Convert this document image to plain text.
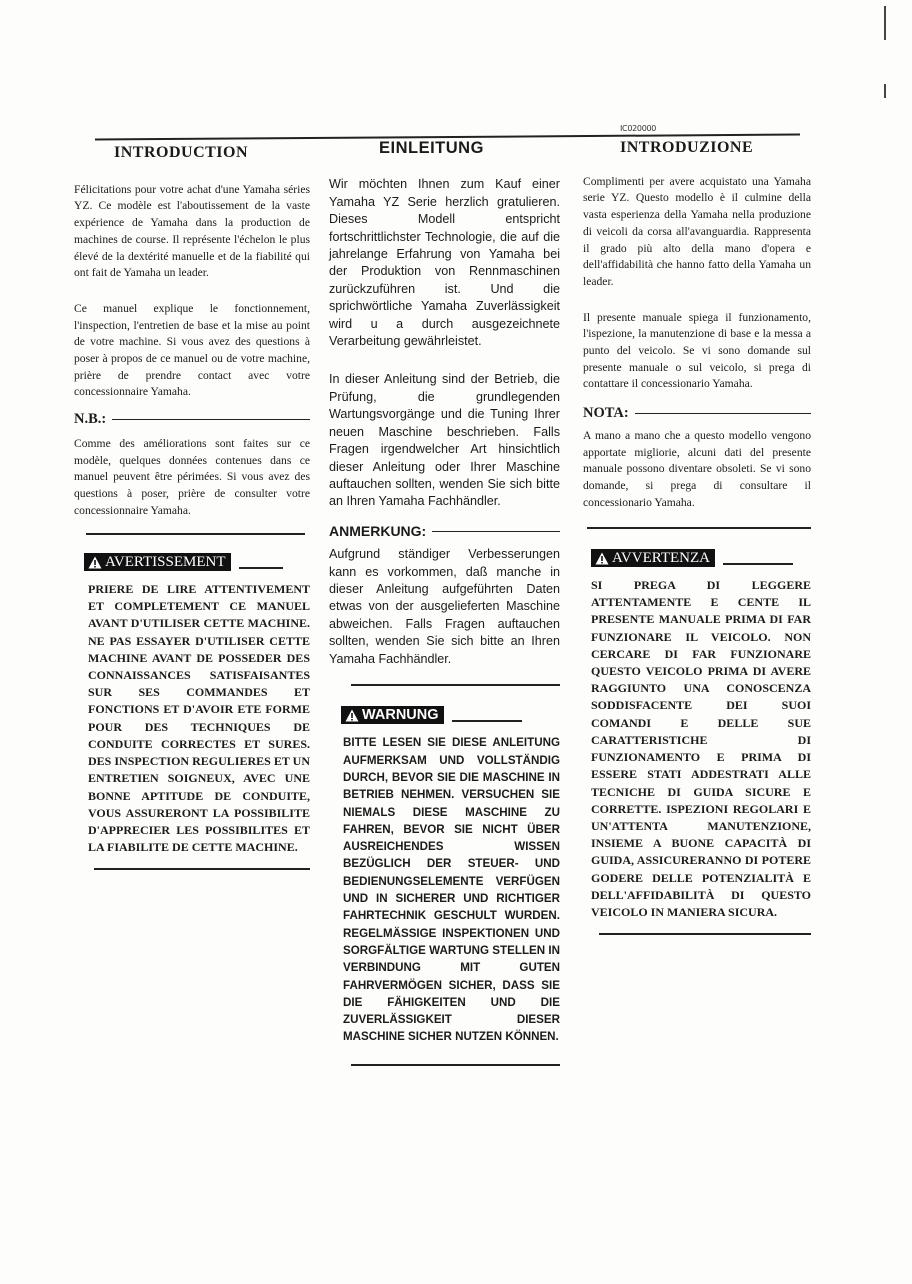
IC020000
INTRODUCTION

Félicitations pour votre achat d'une Yamaha séries YZ. Ce modèle est l'aboutissement de la vaste expérience de Yamaha dans la production de machines de course. Il représente l'échelon le plus élevé de la dextérité manuelle et de la fiabilité qui ont fait de Yamaha un leader.

Ce manuel explique le fonctionnement, l'inspection, l'entretien de base et la mise au point de votre machine. Si vous avez des questions à poser à propos de ce manuel ou de votre machine, prière de prendre contact avec votre concessionnaire Yamaha.

N.B.:

Comme des améliorations sont faites sur ce modèle, quelques données contenues dans ce manuel peuvent être périmées. Si vous avez des questions à poser, prière de consulter votre concessionnaire Yamaha.

AVERTISSEMENT

PRIERE DE LIRE ATTENTIVEMENT ET COMPLETEMENT CE MANUEL AVANT D'UTILISER CETTE MACHINE. NE PAS ESSAYER D'UTILISER CETTE MACHINE AVANT DE POSSEDER DES CONNAISSANCES SATISFAISANTES SUR SES COMMANDES ET FONCTIONS ET D'AVOIR ETE FORME POUR DES TECHNIQUES DE CONDUITE CORRECTES ET SURES. DES INSPECTION REGULIERES ET UN ENTRETIEN SOIGNEUX, AVEC UNE BONNE APTITUDE DE CONDUITE, VOUS ASSURERONT LA POSSIBILITE D'APPRECIER LES POSSIBILITES ET LA FIABILITE DE CETTE MACHINE.

EINLEITUNG

Wir möchten Ihnen zum Kauf einer Yamaha YZ Serie herzlich gratulieren. Dieses Modell entspricht fortschrittlichster Technologie, die auf die jahrelange Erfahrung von Yamaha bei der Produktion von Rennmaschinen zurückzuführen ist. Und die sprichwörtliche Yamaha Zuverlässigkeit wird u a durch ausgezeichnete Verarbeitung gewährleistet.

In dieser Anleitung sind der Betrieb, die Prüfung, die grundlegenden Wartungsvorgänge und die Tuning Ihrer neuen Maschine beschrieben. Falls Fragen irgendwelcher Art hinsichtlich dieser Anleitung oder Ihrer Maschine auftauchen sollten, wenden Sie sich bitte an Ihren Yamaha Fachhändler.

ANMERKUNG:

Aufgrund ständiger Verbesserungen kann es vorkommen, daß manche in dieser Anleitung aufgeführten Daten etwas von der ausgelieferten Maschine abweichen. Falls Fragen auftauchen sollten, wenden Sie sich bitte an Ihren Yamaha Fachhändler.

WARNUNG

BITTE LESEN SIE DIESE ANLEITUNG AUFMERKSAM UND VOLLSTÄNDIG DURCH, BEVOR SIE DIE MASCHINE IN BETRIEB NEHMEN. VERSUCHEN SIE NIEMALS DIESE MASCHINE ZU FAHREN, BEVOR SIE NICHT ÜBER AUSREICHENDES WISSEN BEZÜGLICH DER STEUER- UND BEDIENUNGSELEMENTE VERFÜGEN UND IN SICHERER UND RICHTIGER FAHRTECHNIK GESCHULT WURDEN. REGELMÄSSIGE INSPEKTIONEN UND SORGFÄLTIGE WARTUNG STELLEN IN VERBINDUNG MIT GUTEN FAHRVERMÖGEN SICHER, DASS SIE DIE FÄHIGKEITEN UND DIE ZUVERLÄSSIGKEIT DIESER MASCHINE SICHER NUTZEN KÖNNEN.

INTRODUZIONE

Complimenti per avere acquistato una Yamaha serie YZ. Questo modello è il culmine della vasta esperienza della Yamaha nella produzione di veicoli da corsa all'avanguardia. Rappresenta il grado più alto della mano d'opera e dell'affidabilità che hanno fatto della Yamaha un leader.

Il presente manuale spiega il funzionamento, l'ispezione, la manutenzione di base e la messa a punto del veicolo. Se vi sono domande sul presente manuale o sul veicolo, si prega di contattare il concessionario Yamaha.

NOTA:

A mano a mano che a questo modello vengono apportate migliorie, alcuni dati del presente manuale possono diventare obsoleti. Se vi sono domande, si prega di consultare il concessionario Yamaha.

AVVERTENZA

SI PREGA DI LEGGERE ATTENTAMENTE E CENTE IL PRESENTE MANUALE PRIMA DI FAR FUNZIONARE IL VEICOLO. NON CERCARE DI FAR FUNZIONARE QUESTO VEICOLO PRIMA DI AVERE RAGGIUNTO UNA CONOSCENZA SODDISFACENTE DEI SUOI COMANDI E DELLE SUE CARATTERISTICHE DI FUNZIONAMENTO E PRIMA DI ESSERE STATI ADDESTRATI ALLE TECNICHE DI GUIDA SICURE E CORRETTE. ISPEZIONI REGOLARI E UN'ATTENTA MANUTENZIONE, INSIEME A BUONE CAPACITÀ DI GUIDA, ASSICURERANNO DI POTERE GODERE DELLE POTENZIALITÀ E DELL'AFFIDABILITÀ DI QUESTO VEICOLO IN MANIERA SICURA.
